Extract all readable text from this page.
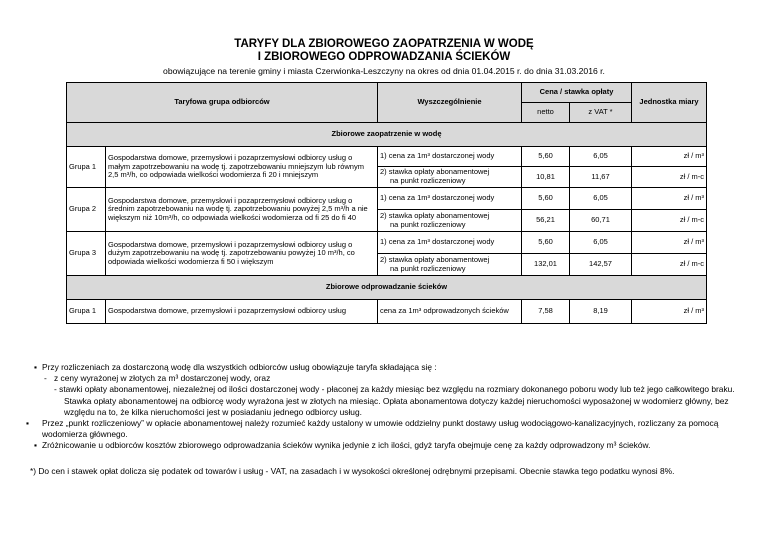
TARYFY DLA ZBIOROWEGO ZAOPATRZENIA W WODĘ
I ZBIOROWEGO ODPROWADZANIA ŚCIEKÓW
obowiązujące na terenie gminy i miasta Czerwionka-Leszczyny na okres od dnia 01.04.2015 r. do dnia 31.03.2016 r.
Taryfowa grupa odbiorców		Wyszczególnienie	Cena / stawka opłaty		Jednostka miary
			netto	z VAT *	
Zbiorowe zaopatrzenie w wodę					
Grupa 1	Gospodarstwa domowe, przemysłowi i pozaprzemysłowi odbiorcy usług o małym zapotrzebowaniu na wodę tj. zapotrzebowaniu mniejszym lub równym 2,5 m³/h, co odpowiada wielkości wodomierza fi 20 i mniejszym	1) cena za 1m³ dostarczonej wody	5,60	6,05	zł / m³
		2) stawka opłaty abonamentowej
na punkt rozliczeniowy	10,81	11,67	zł / m-c
Grupa 2	Gospodarstwa domowe, przemysłowi i pozaprzemysłowi odbiorcy usług o średnim zapotrzebowaniu na wodę tj. zapotrzebowaniu powyżej 2,5 m³/h a nie większym niż 10m³/h, co odpowiada wielkości wodomierza od fi 25 do fi 40	1) cena za 1m³ dostarczonej wody	5,60	6,05	zł / m³
		2) stawka opłaty abonamentowej
na punkt rozliczeniowy	56,21	60,71	zł / m-c
Grupa 3	Gospodarstwa domowe, przemysłowi i pozaprzemysłowi odbiorcy usług o dużym zapotrzebowaniu na wodę tj. zapotrzebowaniu powyżej 10 m³/h, co odpowiada wielkości wodomierza fi 50 i większym	1) cena za 1m³ dostarczonej wody	5,60	6,05	zł / m³
		2) stawka opłaty abonamentowej
na punkt rozliczeniowy	132,01	142,57	zł / m-c
Zbiorowe odprowadzanie ścieków					
Grupa 1	Gospodarstwa domowe, przemysłowi i pozaprzemysłowi odbiorcy usług	cena za 1m³ odprowadzonych ścieków	7,58	8,19	zł / m³

▪ Przy rozliczeniach za dostarczoną wodę dla wszystkich odbiorców usług obowiązuje taryfa składająca się :

- z ceny wyrażonej w złotych za m³ dostarczonej wody, oraz

- stawki opłaty abonamentowej, niezależnej od ilości dostarczonej wody - płaconej za każdy miesiąc bez względu na rozmiary dokonanego poboru wody lub też jego całkowitego braku. Stawka opłaty abonamentowej na odbiorcę wody wyrażona jest w złotych na miesiąc. Opłata abonamentowa dotyczy każdej nieruchomości wyposażonej w wodomierz główny, bez względu na to, że kilka nieruchomości jest w posiadaniu jednego odbiorcy usług.

▪ Przez „punkt rozliczeniowy” w opłacie abonamentowej należy rozumieć każdy ustalony w umowie oddzielny punkt dostawy usług wodociągowo-kanalizacyjnych, rozliczany za pomocą wodomierza głównego.

▪ Zróżnicowanie u odbiorców kosztów zbiorowego odprowadzania ścieków wynika jedynie z ich ilości, gdyż taryfa obejmuje cenę za każdy odprowadzony m³ ścieków.

*) Do cen i stawek opłat dolicza się podatek od towarów i usług - VAT, na zasadach i w wysokości określonej odrębnymi przepisami. Obecnie stawka tego podatku wynosi 8%.
